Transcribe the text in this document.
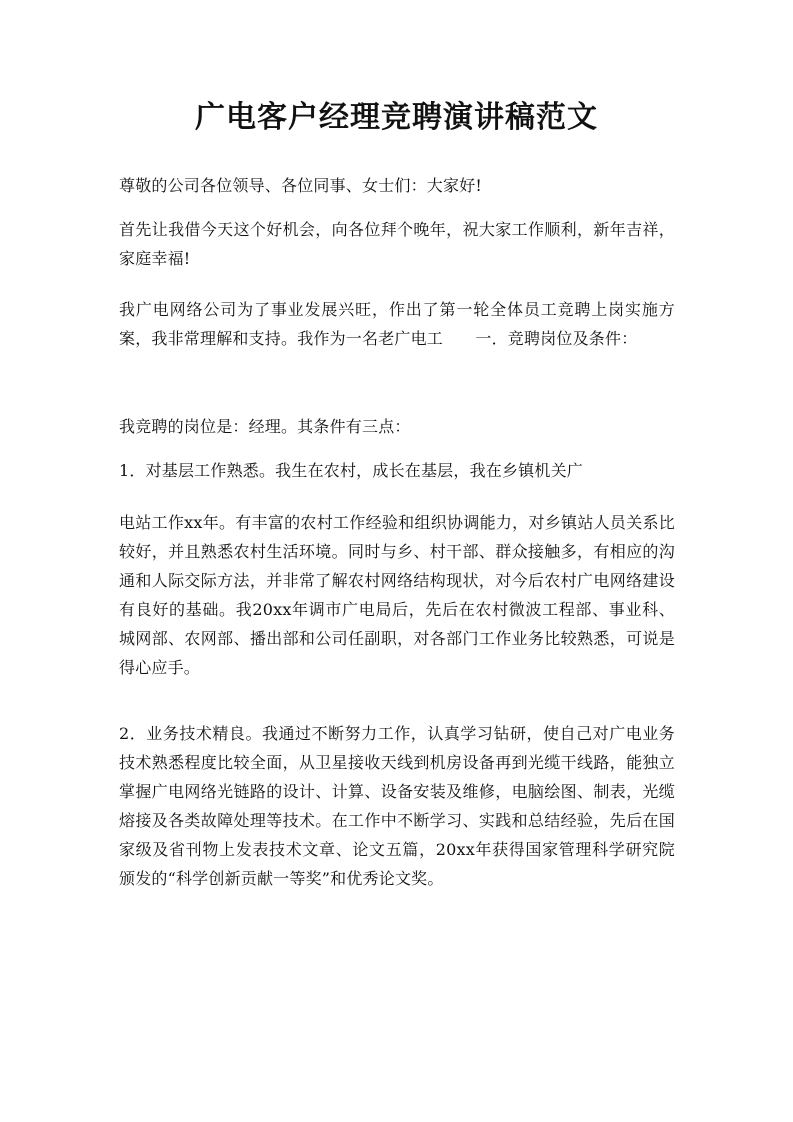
广电客户经理竞聘演讲稿范文

尊敬的公司各位领导、各位同事、女士们：大家好!

首先让我借今天这个好机会，向各位拜个晚年，祝大家工作顺利，新年吉祥，家庭幸福!

我广电网络公司为了事业发展兴旺，作出了第一轮全体员工竞聘上岗实施方案，我非常理解和支持。我作为一名老广电工　　一．竞聘岗位及条件：

我竞聘的岗位是：经理。其条件有三点：

1．对基层工作熟悉。我生在农村，成长在基层，我在乡镇机关广

电站工作xx年。有丰富的农村工作经验和组织协调能力，对乡镇站人员关系比较好，并且熟悉农村生活环境。同时与乡、村干部、群众接触多，有相应的沟通和人际交际方法，并非常了解农村网络结构现状，对今后农村广电网络建设有良好的基础。我20xx年调市广电局后，先后在农村微波工程部、事业科、城网部、农网部、播出部和公司任副职，对各部门工作业务比较熟悉，可说是得心应手。

2．业务技术精良。我通过不断努力工作，认真学习钻研，使自己对广电业务技术熟悉程度比较全面，从卫星接收天线到机房设备再到光缆干线路，能独立掌握广电网络光链路的设计、计算、设备安装及维修，电脑绘图、制表，光缆熔接及各类故障处理等技术。在工作中不断学习、实践和总结经验，先后在国家级及省刊物上发表技术文章、论文五篇，20xx年获得国家管理科学研究院颁发的“科学创新贡献一等奖”和优秀论文奖。
